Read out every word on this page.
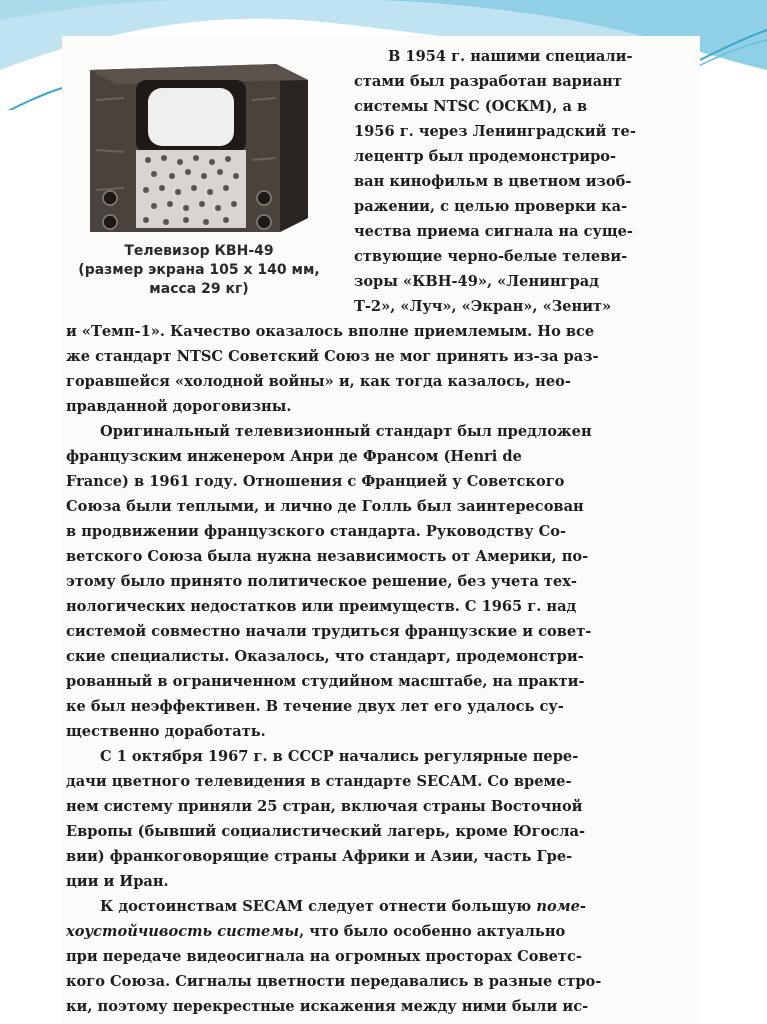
Телевизор КВН-49
(размер экрана 105 х 140 мм,
масса 29 кг)
В 1954 г. нашими специали-
стами был разработан вариант
системы NTSC (ОСКМ), а в
1956 г. через Ленинградский те-
лецентр был продемонстриро-
ван кинофильм в цветном изоб-
ражении, с целью проверки ка-
чества приема сигнала на суще-
ствующие черно-белые телеви-
зоры «КВН-49», «Ленинград
Т-2», «Луч», «Экран», «Зенит»
и «Темп-1». Качество оказалось вполне приемлемым. Но все
же стандарт NTSC Советский Союз не мог принять из-за раз-
горавшейся «холодной войны» и, как тогда казалось, нео-
правданной дороговизны.
Оригинальный телевизионный стандарт был предложен
французским инженером Анри де Франсом (Henri de
France) в 1961 году. Отношения с Францией у Советского
Союза были теплыми, и лично де Голль был заинтересован
в продвижении французского стандарта. Руководству Со-
ветского Союза была нужна независимость от Америки, по-
этому было принято политическое решение, без учета тех-
нологических недостатков или преимуществ. С 1965 г. над
системой совместно начали трудиться французские и совет-
ские специалисты. Оказалось, что стандарт, продемонстри-
рованный в ограниченном студийном масштабе, на практи-
ке был неэффективен. В течение двух лет его удалось су-
щественно доработать.
С 1 октября 1967 г. в СССР начались регулярные пере-
дачи цветного телевидения в стандарте SECAM. Со време-
нем систему приняли 25 стран, включая страны Восточной
Европы (бывший социалистический лагерь, кроме Югосла-
вии) франкоговорящие страны Африки и Азии, часть Гре-
ции и Иран.
К достоинствам SECAM следует отнести большую поме-
хоустойчивость системы, что было особенно актуально
при передаче видеосигнала на огромных просторах Советс-
кого Союза. Сигналы цветности передавались в разные стро-
ки, поэтому перекрестные искажения между ними были ис-
